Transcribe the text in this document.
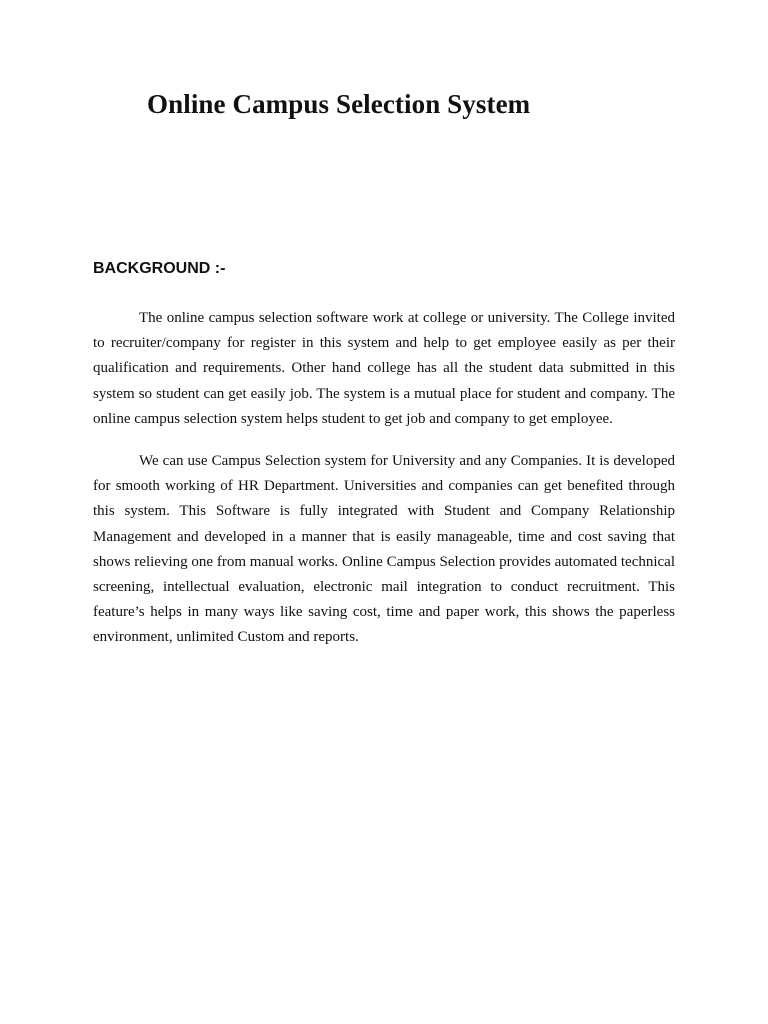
Online Campus Selection System
BACKGROUND :-

The online campus selection software work at college or university. The College invited to recruiter/company for register in this system and help to get employee easily as per their qualification and requirements. Other hand college has all the student data submitted in this system so student can get easily job. The system is a mutual place for student and company. The online campus selection system helps student to get job and company to get employee.

We can use Campus Selection system for University and any Companies. It is developed for smooth working of HR Department. Universities and companies can get benefited through this system. This Software is fully integrated with Student and Company Relationship Management and developed in a manner that is easily manageable, time and cost saving that shows relieving one from manual works. Online Campus Selection provides automated technical screening, intellectual evaluation, electronic mail integration to conduct recruitment. This feature’s helps in many ways like saving cost, time and paper work, this shows the paperless environment, unlimited Custom and reports.
